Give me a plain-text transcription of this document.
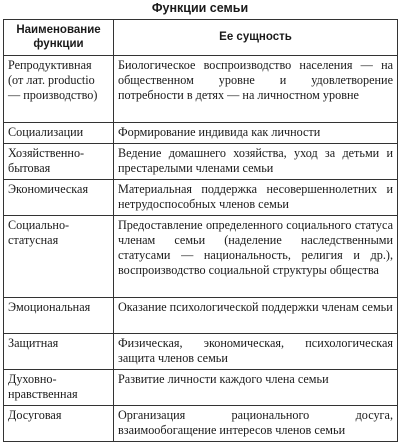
Функции семьи
Наименование функции	Ее сущность
Репродуктивная (от лат. productio — производство)	Биологическое воспроизводство населения — на общественном уровне и удовлетворение потребности в детях — на личностном уровне
Социализации	Формирование индивида как личности
Хозяйственно-бытовая	Ведение домашнего хозяйства, уход за детьми и престарелыми членами семьи
Экономическая	Материальная поддержка несовершеннолетних и нетрудоспособных членов семьи
Социально-статусная	Предоставление определенного социального статуса членам семьи (наделение наследственными статусами — национальность, религия и др.), воспроизводство социальной структуры общества
Эмоциональная	Оказание психологической поддержки членам семьи
Защитная	Физическая, экономическая, психологическая защита членов семьи
Духовно-нравственная	Развитие личности каждого члена семьи
Досуговая	Организация рационального досуга, взаимообогащение интересов членов семьи
